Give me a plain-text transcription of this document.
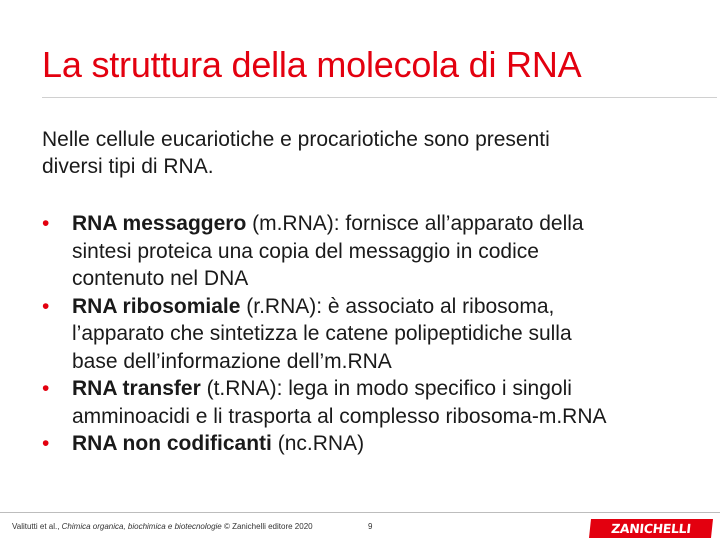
La struttura della molecola di RNA
Nelle cellule eucariotiche e procariotiche sono presenti
diversi tipi di RNA.
• RNA messaggero (m.RNA): fornisce all’apparato della
sintesi proteica una copia del messaggio in codice
contenuto nel DNA
• RNA ribosomiale (r.RNA): è associato al ribosoma,
l’apparato che sintetizza le catene polipeptidiche sulla
base dell’informazione dell’m.RNA
• RNA transfer (t.RNA): lega in modo specifico i singoli
amminoacidi e li trasporta al complesso ribosoma-m.RNA
• RNA non codificanti (nc.RNA)
Valitutti et al., Chimica organica, biochimica e biotecnologie © Zanichelli editore 2020	9	ZANICHELLI
